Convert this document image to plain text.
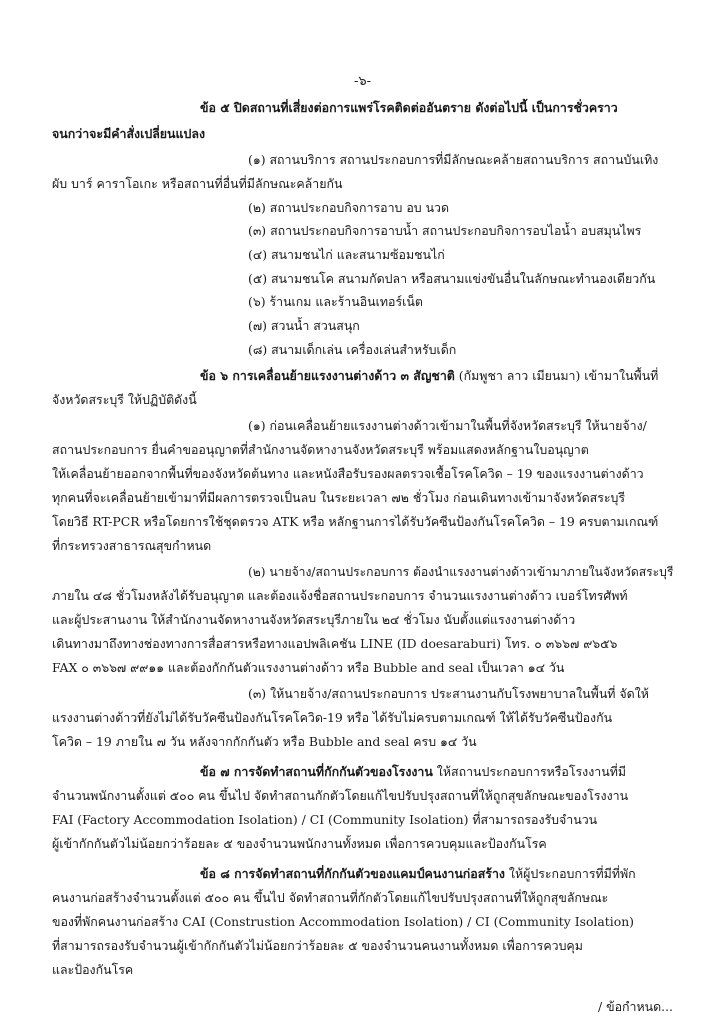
-๖-
ข้อ ๕ ปิดสถานที่เสี่ยงต่อการแพร่โรคติดต่ออันตราย ดังต่อไปนี้ เป็นการชั่วคราว
จนกว่าจะมีคำสั่งเปลี่ยนแปลง
(๑) สถานบริการ สถานประกอบการที่มีลักษณะคล้ายสถานบริการ สถานบันเทิง
ผับ บาร์ คาราโอเกะ หรือสถานที่อื่นที่มีลักษณะคล้ายกัน
(๒) สถานประกอบกิจการอาบ อบ นวด
(๓) สถานประกอบกิจการอาบน้ำ สถานประกอบกิจการอบไอน้ำ อบสมุนไพร
(๔) สนามชนไก่ และสนามซ้อมชนไก่
(๕) สนามชนโค สนามกัดปลา หรือสนามแข่งขันอื่นในลักษณะทำนองเดียวกัน
(๖) ร้านเกม และร้านอินเทอร์เน็ต
(๗) สวนน้ำ สวนสนุก
(๘) สนามเด็กเล่น เครื่องเล่นสำหรับเด็ก
ข้อ ๖ การเคลื่อนย้ายแรงงานต่างด้าว ๓ สัญชาติ (กัมพูชา ลาว เมียนมา) เข้ามาในพื้นที่
จังหวัดสระบุรี ให้ปฏิบัติดังนี้
(๑) ก่อนเคลื่อนย้ายแรงงานต่างด้าวเข้ามาในพื้นที่จังหวัดสระบุรี ให้นายจ้าง/
สถานประกอบการ ยื่นคำขออนุญาตที่สำนักงานจัดหางานจังหวัดสระบุรี พร้อมแสดงหลักฐานใบอนุญาต
ให้เคลื่อนย้ายออกจากพื้นที่ของจังหวัดต้นทาง และหนังสือรับรองผลตรวจเชื้อโรคโควิด – 19 ของแรงงานต่างด้าว
ทุกคนที่จะเคลื่อนย้ายเข้ามาที่มีผลการตรวจเป็นลบ ในระยะเวลา ๗๒ ชั่วโมง ก่อนเดินทางเข้ามาจังหวัดสระบุรี
โดยวิธี RT-PCR หรือโดยการใช้ชุดตรวจ ATK หรือ หลักฐานการได้รับวัคซีนป้องกันโรคโควิด – 19 ครบตามเกณฑ์
ที่กระทรวงสาธารณสุขกำหนด
(๒) นายจ้าง/สถานประกอบการ ต้องนำแรงงานต่างด้าวเข้ามาภายในจังหวัดสระบุรี
ภายใน ๔๘ ชั่วโมงหลังได้รับอนุญาต และต้องแจ้งชื่อสถานประกอบการ จำนวนแรงงานต่างด้าว เบอร์โทรศัพท์
และผู้ประสานงาน ให้สำนักงานจัดหางานจังหวัดสระบุรีภายใน ๒๔ ชั่วโมง นับตั้งแต่แรงงานต่างด้าว
เดินทางมาถึงทางช่องทางการสื่อสารหรือทางแอปพลิเคชัน LINE (ID doesaraburi) โทร. ๐ ๓๖๖๗ ๙๖๕๖
FAX ๐ ๓๖๖๗ ๙๙๑๑ และต้องกักกันตัวแรงงานต่างด้าว หรือ Bubble and seal เป็นเวลา ๑๔ วัน
(๓) ให้นายจ้าง/สถานประกอบการ ประสานงานกับโรงพยาบาลในพื้นที่ จัดให้
แรงงานต่างด้าวที่ยังไม่ได้รับวัคซีนป้องกันโรคโควิด-19 หรือ ได้รับไม่ครบตามเกณฑ์ ให้ได้รับวัคซีนป้องกัน
โควิด – 19 ภายใน ๗ วัน หลังจากกักกันตัว หรือ Bubble and seal ครบ ๑๔ วัน
ข้อ ๗ การจัดทำสถานที่กักกันตัวของโรงงาน ให้สถานประกอบการหรือโรงงานที่มี
จำนวนพนักงานตั้งแต่ ๕๐๐ คน ขึ้นไป จัดทำสถานกักตัวโดยแก้ไขปรับปรุงสถานที่ให้ถูกสุขลักษณะของโรงงาน
FAI (Factory Accommodation Isolation) / CI (Community Isolation) ที่สามารถรองรับจำนวน
ผู้เข้ากักกันตัวไม่น้อยกว่าร้อยละ ๕ ของจำนวนพนักงานทั้งหมด เพื่อการควบคุมและป้องกันโรค
ข้อ ๘ การจัดทำสถานที่กักกันตัวของแคมป์คนงานก่อสร้าง ให้ผู้ประกอบการที่มีที่พัก
คนงานก่อสร้างจำนวนตั้งแต่ ๕๐๐ คน ขึ้นไป จัดทำสถานที่กักตัวโดยแก้ไขปรับปรุงสถานที่ให้ถูกสุขลักษณะ
ของที่พักคนงานก่อสร้าง CAI (Construstion Accommodation Isolation) / CI (Community Isolation)
ที่สามารถรองรับจำนวนผู้เข้ากักกันตัวไม่น้อยกว่าร้อยละ ๕ ของจำนวนคนงานทั้งหมด เพื่อการควบคุม
และป้องกันโรค
/ ข้อกำหนด...
